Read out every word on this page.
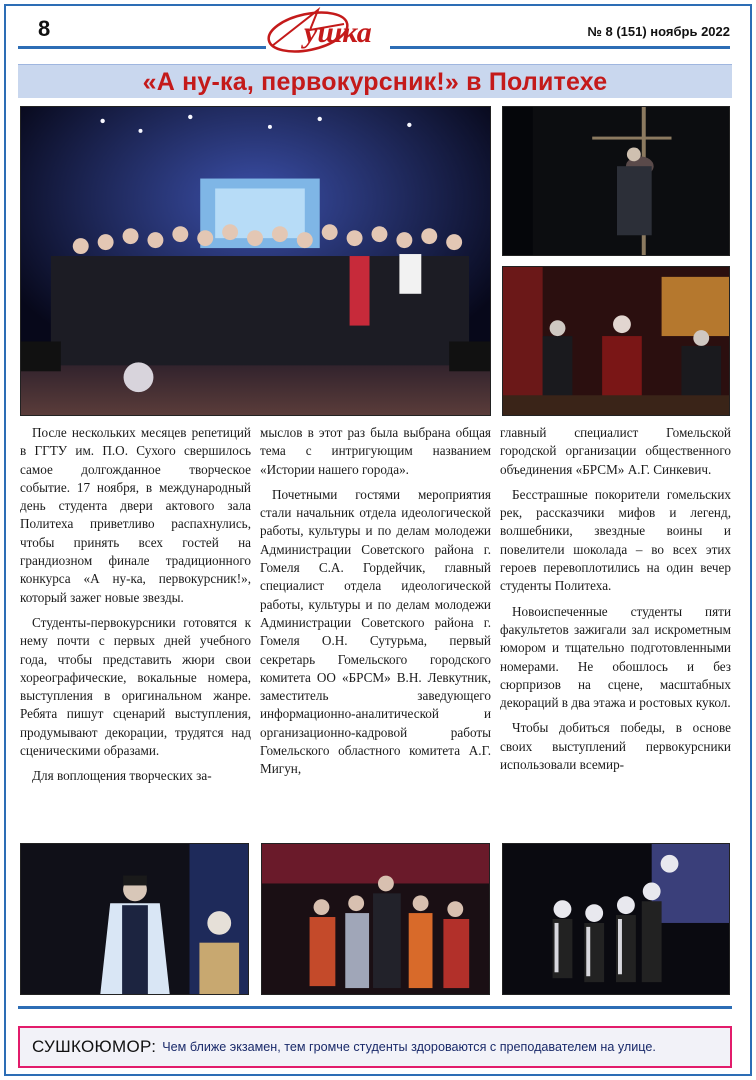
8	ушка	№ 8 (151) ноябрь 2022
«А ну-ка, первокурсник!» в Политехе

После нескольких месяцев репетиций в ГГТУ им. П.О. Сухого свершилось самое долгожданное творческое событие. 17 ноября, в международный день студента двери актового зала Политеха приветливо распахнулись, чтобы принять всех гостей на грандиозном финале традиционного конкурса «А ну-ка, первокурсник!», который зажег новые звезды.

Студенты-первокурсники готовятся к нему почти с первых дней учебного года, чтобы представить жюри свои хореографические, вокальные номера, выступления в оригинальном жанре. Ребята пишут сценарий выступления, продумывают декорации, трудятся над сценическими образами.

Для воплощения творческих за-

мыслов в этот раз была выбрана общая тема с интригующим названием «Истории нашего города».

Почетными гостями мероприятия стали начальник отдела идеологической работы, культуры и по делам молодежи Администрации Советского района г. Гомеля С.А. Гордейчик, главный специалист отдела идеологической работы, культуры и по делам молодежи Администрации Советского района г. Гомеля О.Н. Сутурьма, первый секретарь Гомельского городского комитета ОО «БРСМ» В.Н. Левкутник, заместитель заведующего информационно-аналитической и организационно-кадровой работы Гомельского областного комитета А.Г. Мигун,

главный специалист Гомельской городской организации общественного объединения «БРСМ» А.Г. Синкевич.

Бесстрашные покорители гомельских рек, рассказчики мифов и легенд, волшебники, звездные воины и повелители шоколада – во всех этих героев перевоплотились на один вечер студенты Политеха.

Новоиспеченные студенты пяти факультетов зажигали зал искрометным юмором и тщательно подготовленными номерами. Не обошлось и без сюрпризов на сцене, масштабных декораций в два этажа и ростовых кукол.

Чтобы добиться победы, в основе своих выступлений первокурсники использовали всемир-

СУШКОЮМОР: Чем ближе экзамен, тем громче студенты здороваются с преподавателем на улице.
